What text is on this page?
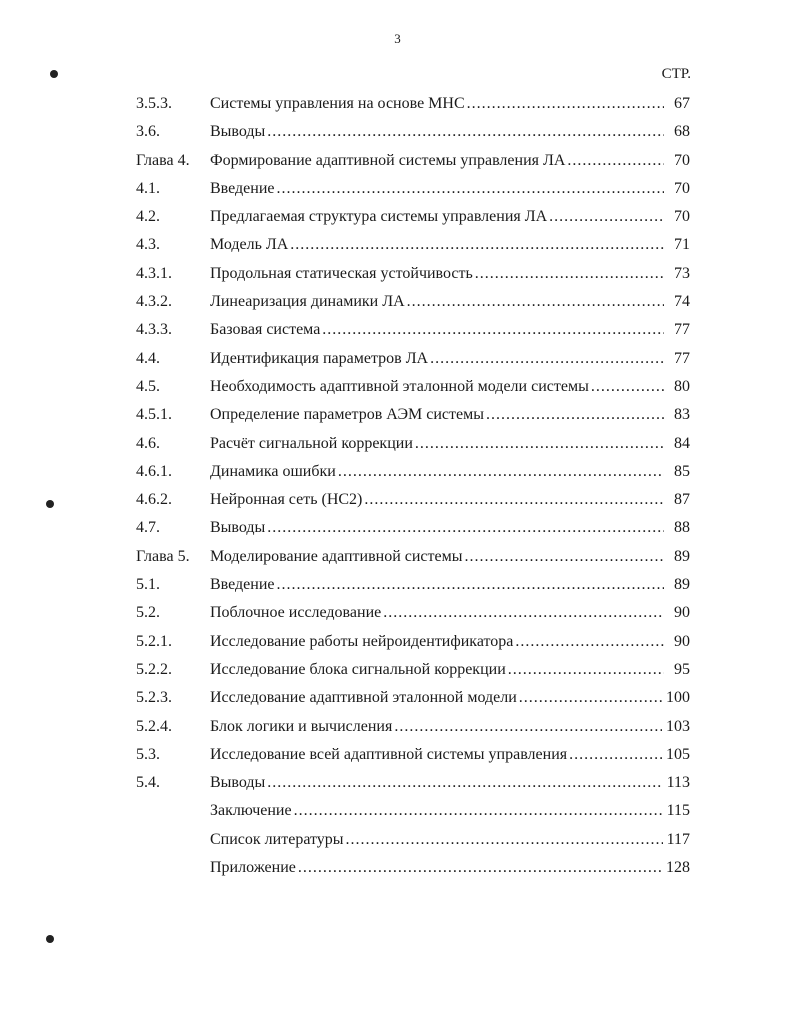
3
СТР.
3.5.3. Системы управления на основе МНС .....	67
3.6.	Выводы .....	68
Глава 4. Формирование адаптивной системы управления ЛА .....	70
4.1.	Введение .....	70
4.2.	Предлагаемая структура системы управления ЛА .....	70
4.3.	Модель ЛА .....	71
4.3.1. Продольная статическая устойчивость .....	73
4.3.2. Линеаризация динамики ЛА .....	74
4.3.3. Базовая система .....	77
4.4.	Идентификация параметров ЛА .....	77
4.5.	Необходимость адаптивной эталонной модели системы .....	80
4.5.1. Определение параметров АЭМ системы .....	83
4.6.	Расчёт сигнальной коррекции .....	84
4.6.1. Динамика ошибки .....	85
4.6.2. Нейронная сеть (НС2) .....	87
4.7.	Выводы .....	88
Глава 5. Моделирование адаптивной системы .....	89
5.1.	Введение .....	89
5.2.	Поблочное исследование .....	90
5.2.1. Исследование работы нейроидентификатора .....	90
5.2.2. Исследование блока сигнальной коррекции .....	95
5.2.3. Исследование адаптивной эталонной модели .....	100
5.2.4. Блок логики и вычисления .....	103
5.3.	Исследование всей адаптивной системы управления .....	105
5.4.	Выводы .....	113
Заключение .....	115
Список литературы .....	117
Приложение .....	128
